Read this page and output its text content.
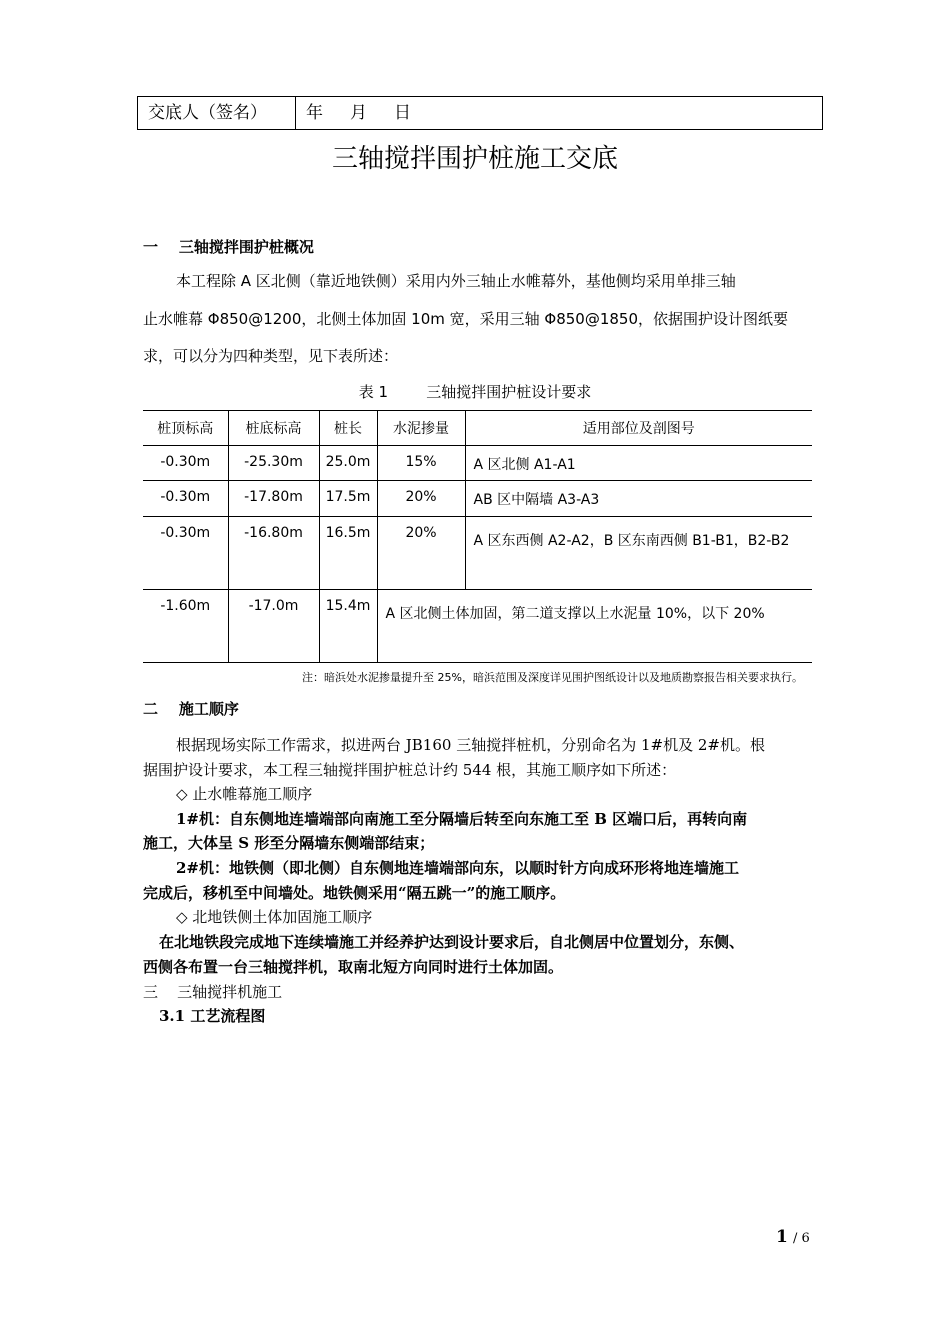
交底人（签名）	年     月     日
三轴搅拌围护桩施工交底
一    三轴搅拌围护桩概况
本工程除 A 区北侧（靠近地铁侧）采用内外三轴止水帷幕外，基他侧均采用单排三轴
止水帷幕 Φ850@1200，北侧土体加固 10m 宽，采用三轴 Φ850@1850，依据围护设计图纸要
求，可以分为四种类型，见下表所述：
表 1        三轴搅拌围护桩设计要求
桩顶标高	桩底标高	桩长	水泥掺量	适用部位及剖图号
-0.30m	-25.30m	25.0m	15%	A 区北侧 A1-A1
-0.30m	-17.80m	17.5m	20%	AB 区中隔墙 A3-A3
-0.30m	-16.80m	16.5m	20%	A 区东西侧 A2-A2，B 区东南西侧 B1-B1，B2-B2
-1.60m	-17.0m	15.4m	A 区北侧土体加固，第二道支撑以上水泥量 10%，以下 20%	
注：暗浜处水泥掺量提升至 25%，暗浜范围及深度详见围护图纸设计以及地质勘察报告相关要求执行。
二    施工顺序
根据现场实际工作需求，拟进两台 JB160 三轴搅拌桩机，分别命名为 1#机及 2#机。根
据围护设计要求，本工程三轴搅拌围护桩总计约 544 根，其施工顺序如下所述：
◇ 止水帷幕施工顺序
1#机：自东侧地连墙端部向南施工至分隔墙后转至向东施工至 B 区端口后，再转向南
施工，大体呈 S 形至分隔墙东侧端部结束；
2#机：地铁侧（即北侧）自东侧地连墙端部向东，以顺时针方向成环形将地连墙施工
完成后，移机至中间墙处。地铁侧采用“隔五跳一”的施工顺序。
◇ 北地铁侧土体加固施工顺序
在北地铁段完成地下连续墙施工并经养护达到设计要求后，自北侧居中位置划分，东侧、
西侧各布置一台三轴搅拌机，取南北短方向同时进行土体加固。
三    三轴搅拌机施工
3.1 工艺流程图
1 / 6
